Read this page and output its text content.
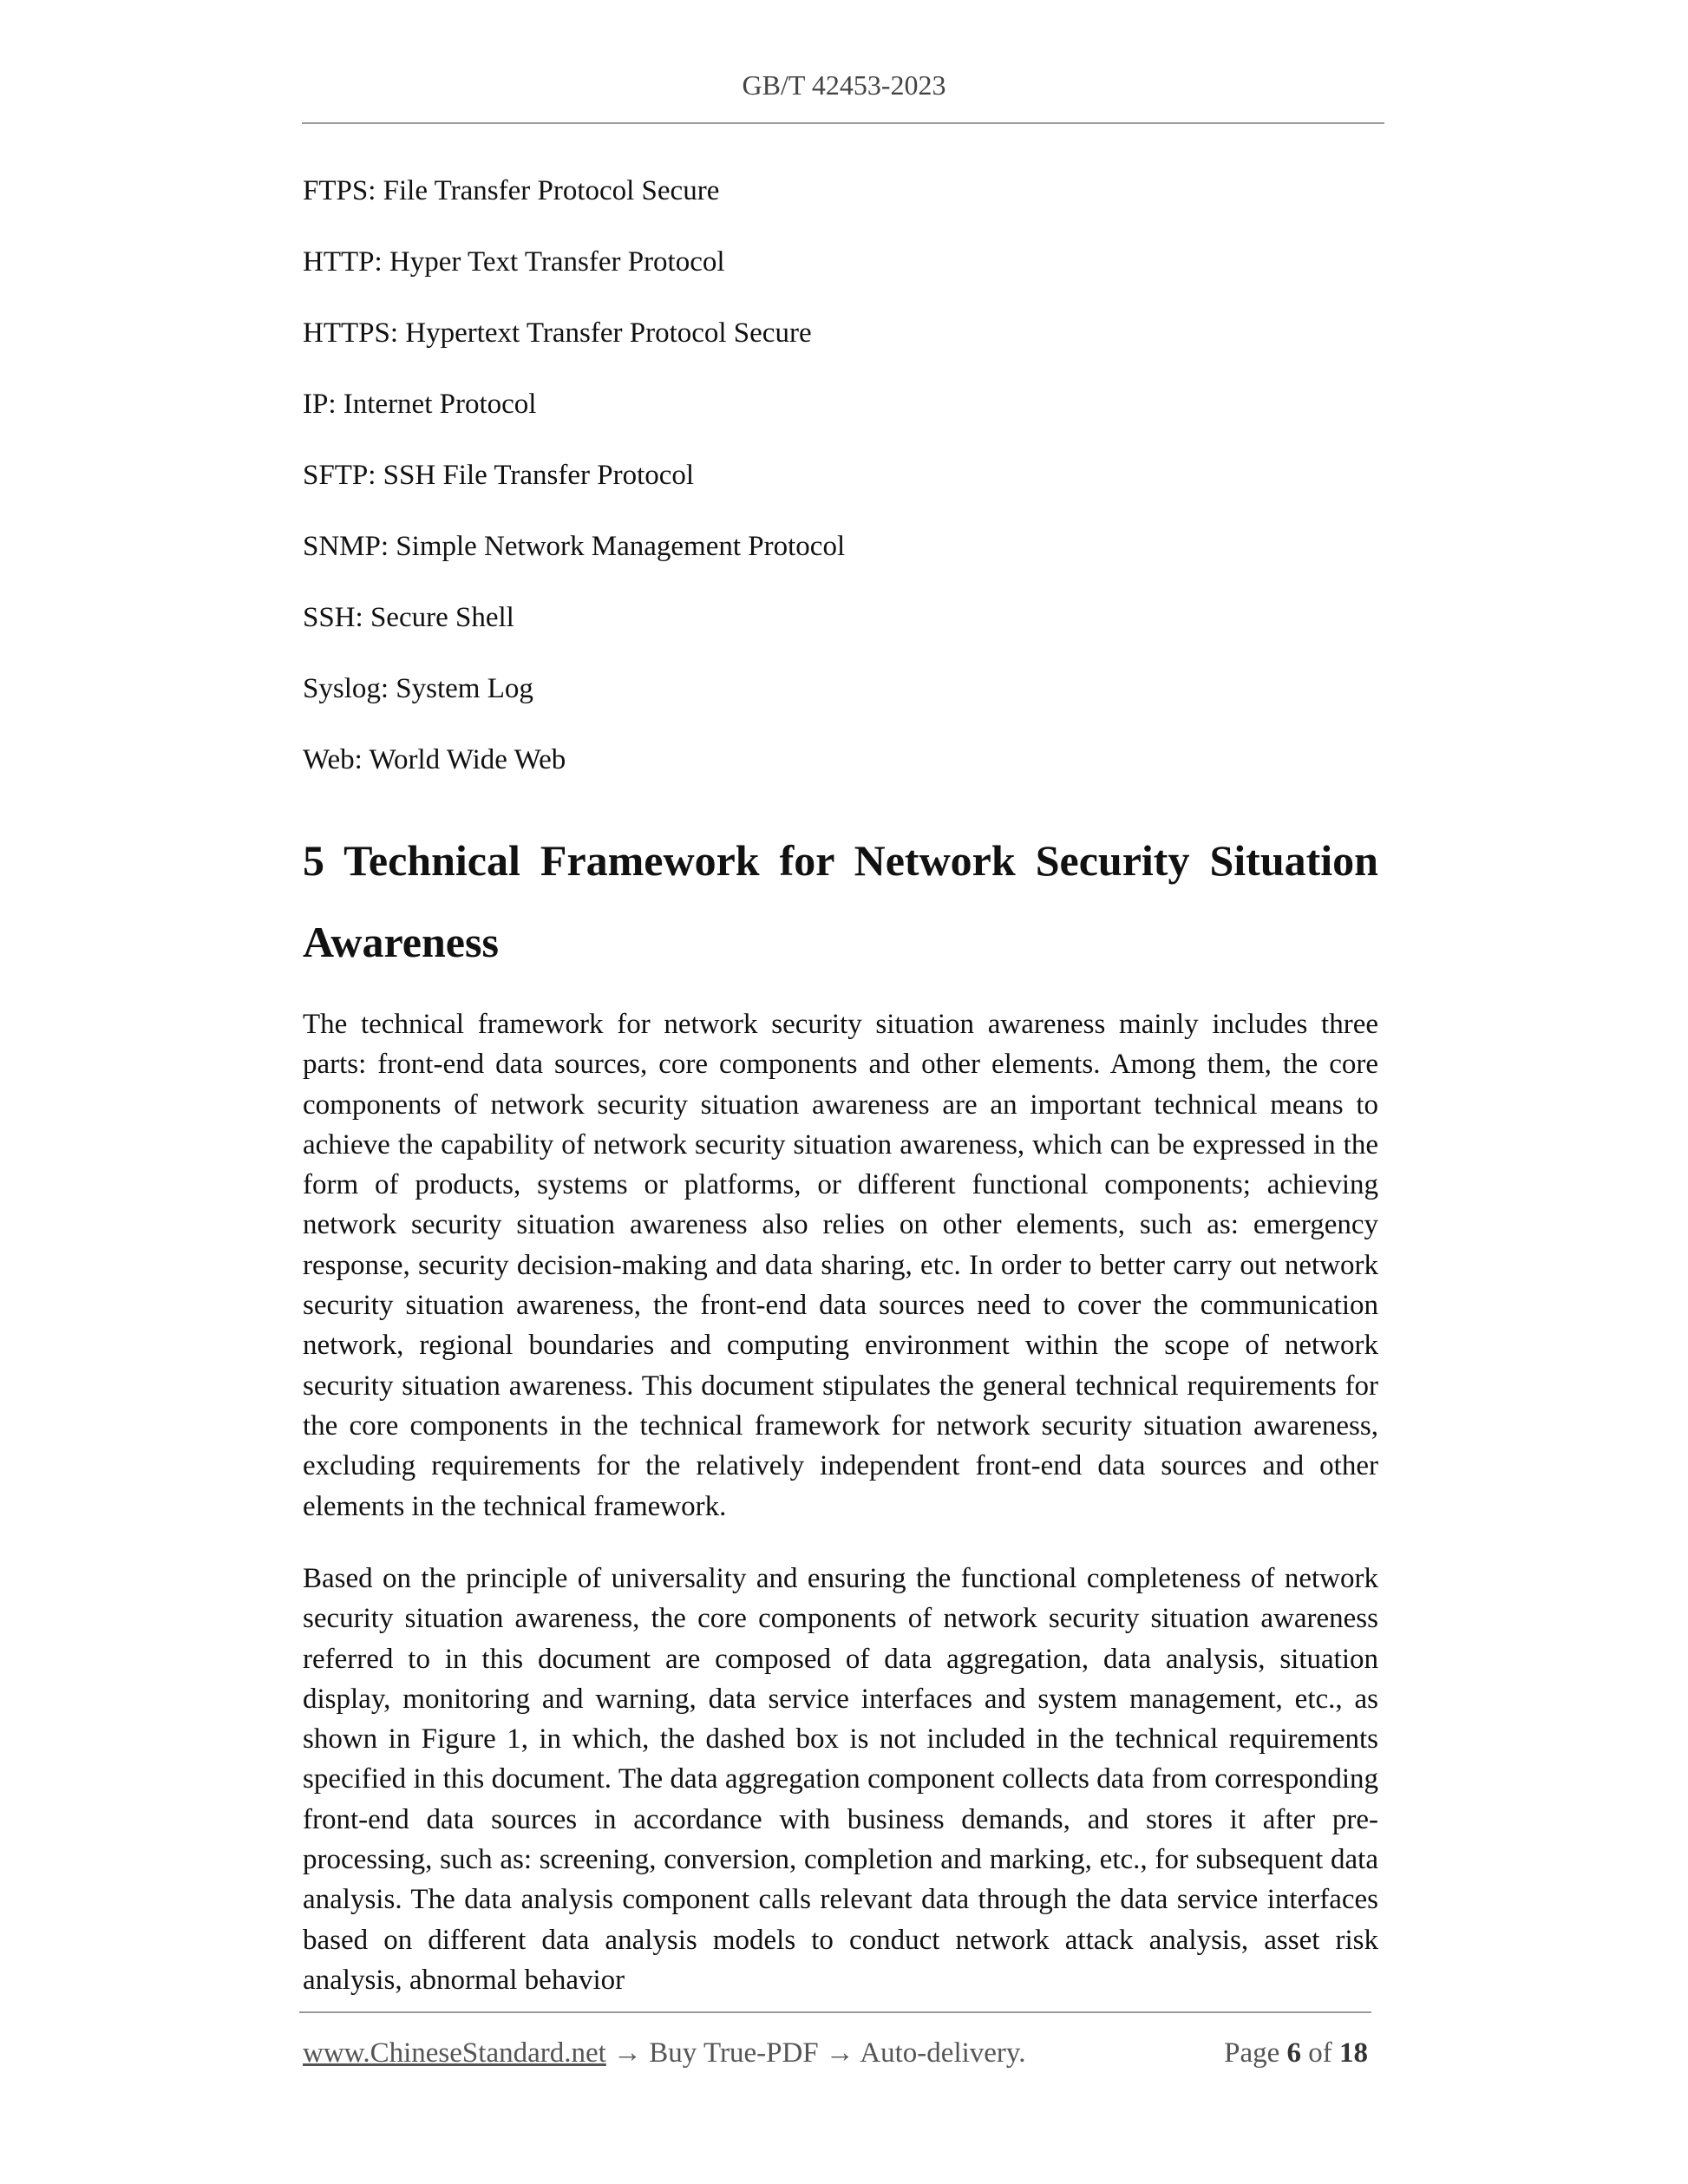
GB/T 42453-2023
FTPS: File Transfer Protocol Secure
HTTP: Hyper Text Transfer Protocol
HTTPS: Hypertext Transfer Protocol Secure
IP: Internet Protocol
SFTP: SSH File Transfer Protocol
SNMP: Simple Network Management Protocol
SSH: Secure Shell
Syslog: System Log
Web: World Wide Web
5 Technical Framework for Network Security Situation Awareness

The technical framework for network security situation awareness mainly includes three parts: front-end data sources, core components and other elements. Among them, the core components of network security situation awareness are an important technical means to achieve the capability of network security situation awareness, which can be expressed in the form of products, systems or platforms, or different functional components; achieving network security situation awareness also relies on other elements, such as: emergency response, security decision-making and data sharing, etc. In order to better carry out network security situation awareness, the front-end data sources need to cover the communication network, regional boundaries and computing environment within the scope of network security situation awareness. This document stipulates the general technical requirements for the core components in the technical framework for network security situation awareness, excluding requirements for the relatively independent front-end data sources and other elements in the technical framework.

Based on the principle of universality and ensuring the functional completeness of network security situation awareness, the core components of network security situation awareness referred to in this document are composed of data aggregation, data analysis, situation display, monitoring and warning, data service interfaces and system management, etc., as shown in Figure 1, in which, the dashed box is not included in the technical requirements specified in this document. The data aggregation component collects data from corresponding front-end data sources in accordance with business demands, and stores it after pre-processing, such as: screening, conversion, completion and marking, etc., for subsequent data analysis. The data analysis component calls relevant data through the data service interfaces based on different data analysis models to conduct network attack analysis, asset risk analysis, abnormal behavior

www.ChineseStandard.net → Buy True-PDF → Auto-delivery.	Page 6 of 18
